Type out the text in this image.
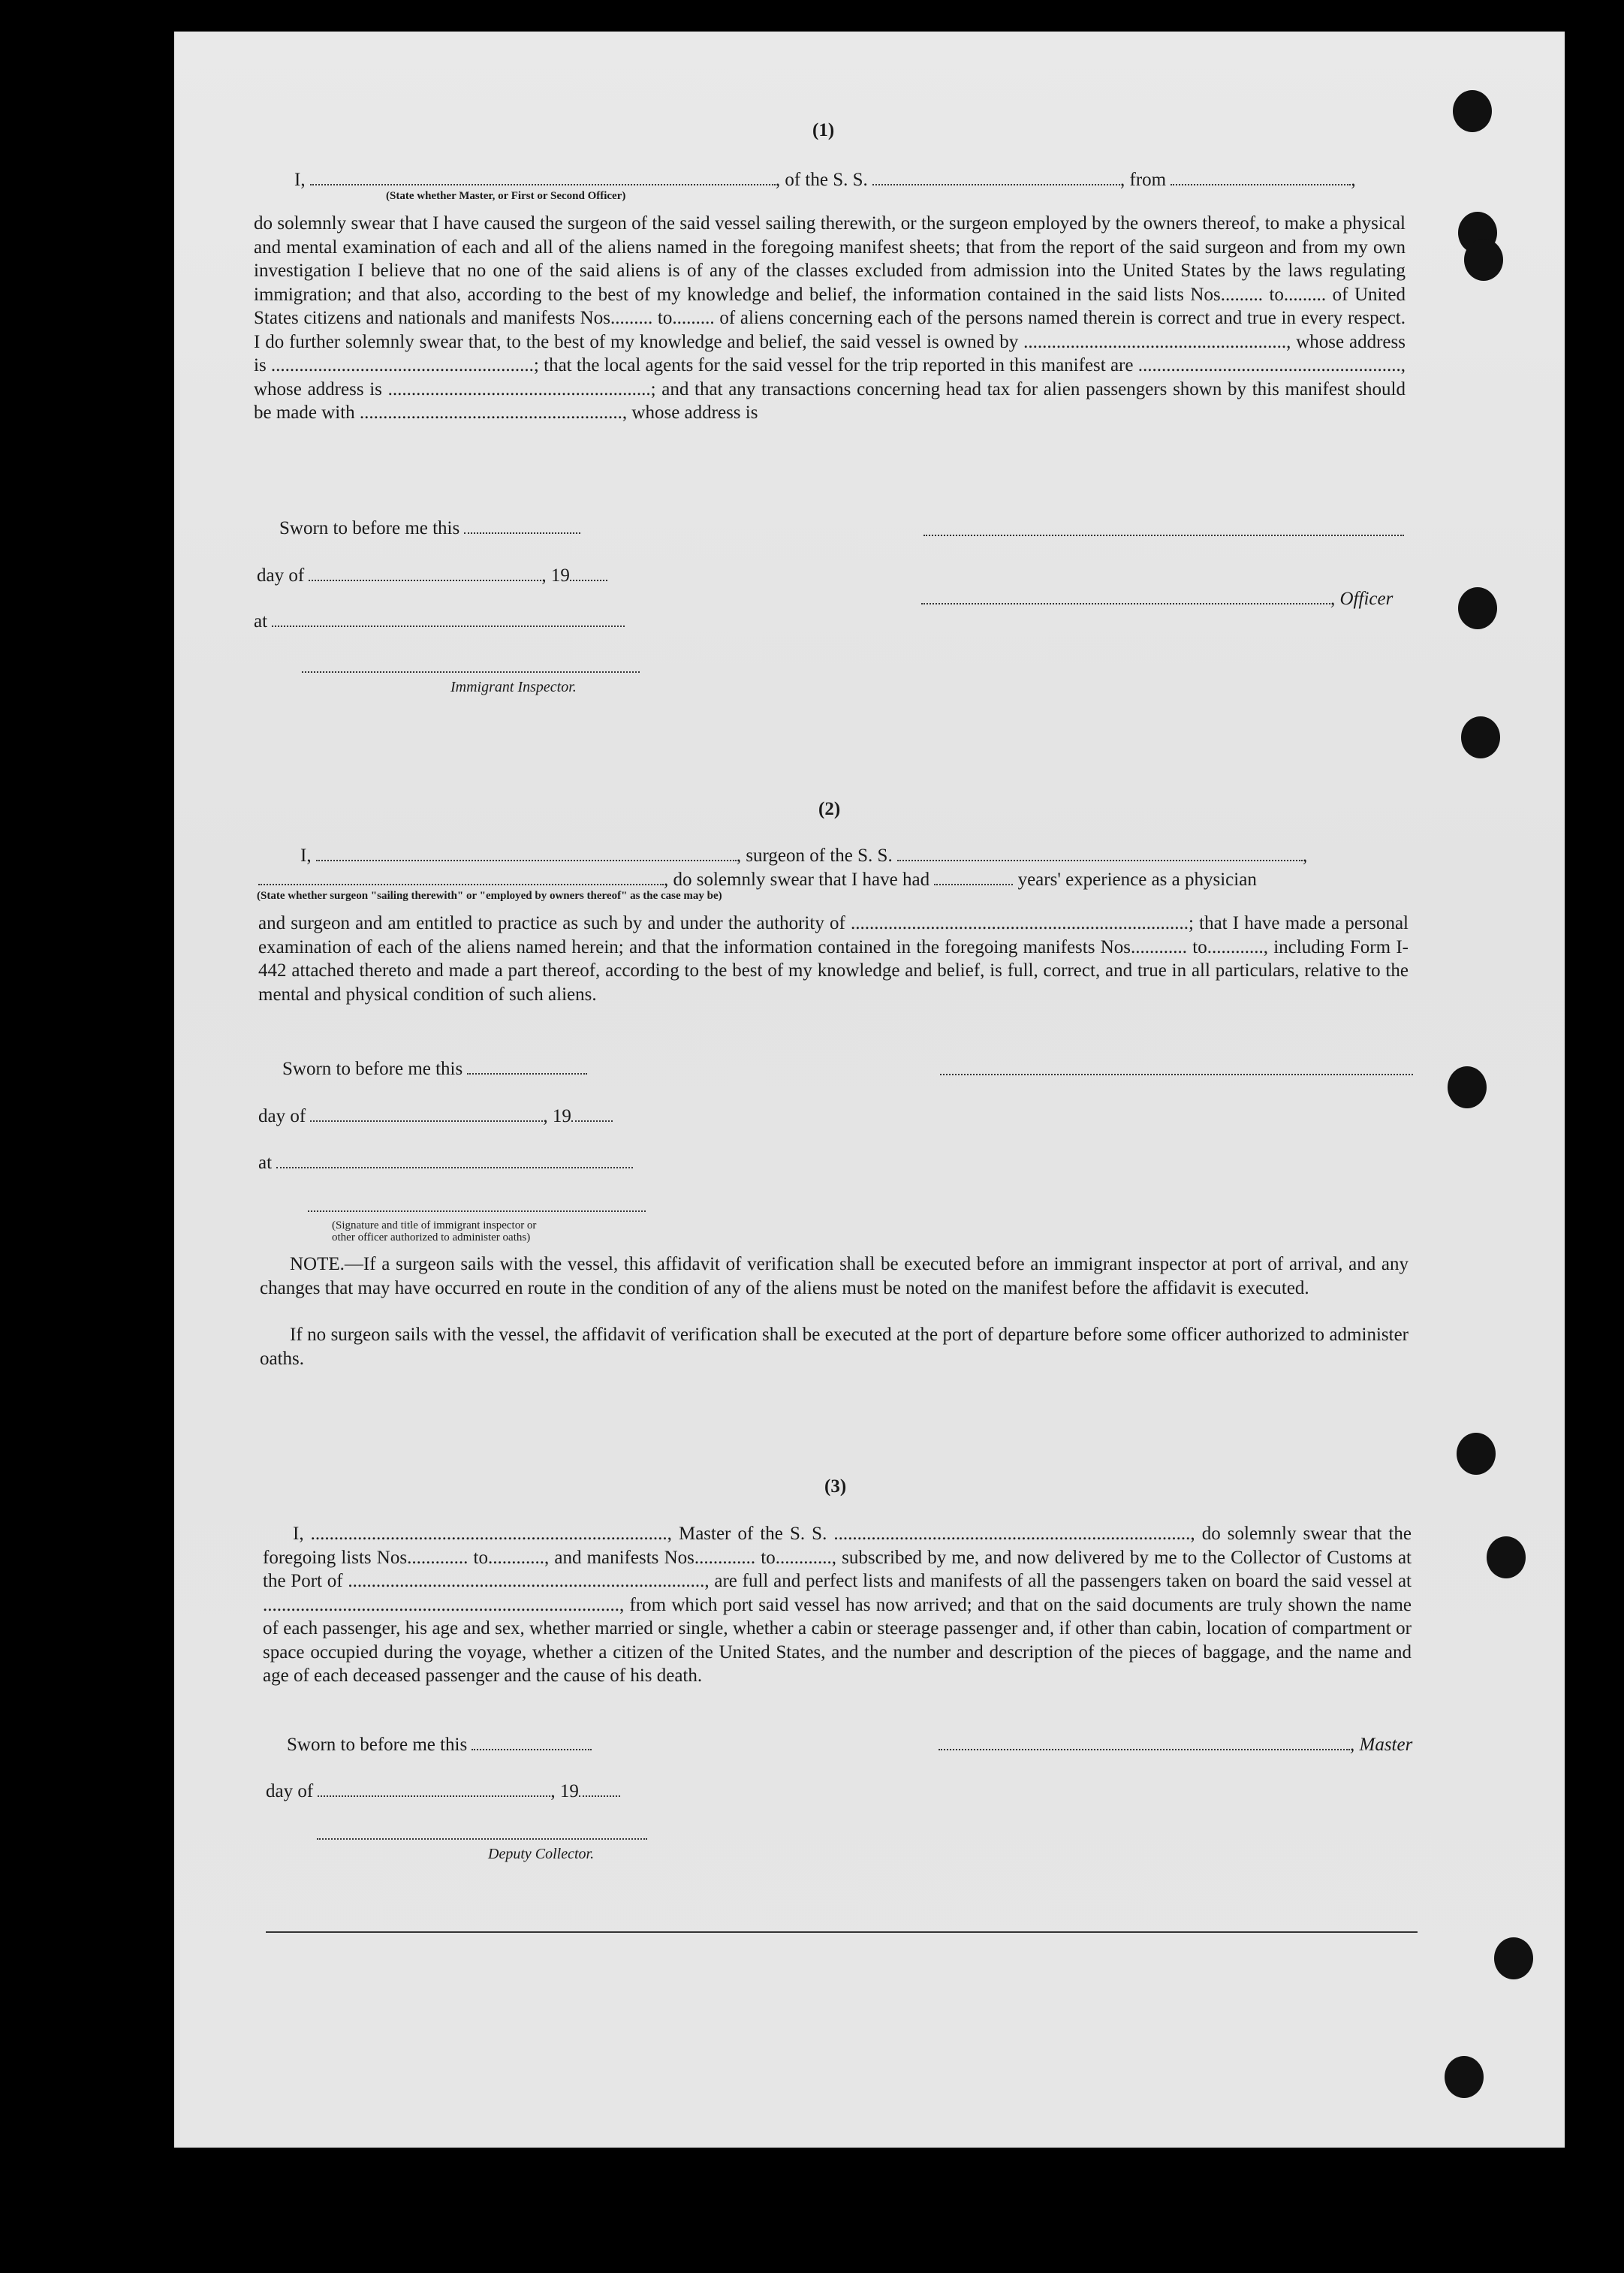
(1)
I,	, of the S. S.	, from	,
(State whether Master, or First or Second Officer)
do solemnly swear that I have caused the surgeon of the said vessel sailing therewith, or the surgeon employed by the owners thereof, to make a physical and mental examination of each and all of the aliens named in the foregoing manifest sheets; that from the report of the said surgeon and from my own investigation I believe that no one of the said aliens is of any of the classes excluded from admission into the United States by the laws regulating immigration; and that also, according to the best of my knowledge and belief, the information contained in the said lists Nos......... to......... of United States citizens and nationals and manifests Nos......... to......... of aliens concerning each of the persons named therein is correct and true in every respect. I do further solemnly swear that, to the best of my knowledge and belief, the said vessel is owned by ........................................................, whose address is ........................................................; that the local agents for the said vessel for the trip reported in this manifest are ........................................................, whose address is ........................................................; and that any transactions concerning head tax for alien passengers shown by this manifest should be made with ........................................................, whose address is
Sworn to before me this
day of	, 19
, Officer
at
Immigrant Inspector.
(2)
I,	, surgeon of the S. S.	,
, do solemnly swear that I have had	years' experience as a physician
(State whether surgeon "sailing therewith" or "employed by owners thereof" as the case may be)
and surgeon and am entitled to practice as such by and under the authority of ........................................................................; that I have made a personal examination of each of the aliens named herein; and that the information contained in the foregoing manifests Nos............ to............, including Form I-442 attached thereto and made a part thereof, according to the best of my knowledge and belief, is full, correct, and true in all particulars, relative to the mental and physical condition of such aliens.
Sworn to before me this
day of	, 19
at
(Signature and title of immigrant inspector or
other officer authorized to administer oaths)
NOTE.—If a surgeon sails with the vessel, this affidavit of verification shall be executed before an immigrant inspector at port of arrival, and any changes that may have occurred en route in the condition of any of the aliens must be noted on the manifest before the affidavit is executed.
If no surgeon sails with the vessel, the affidavit of verification shall be executed at the port of departure before some officer authorized to administer oaths.
(3)
I, ............................................................................, Master of the S. S. ............................................................................, do solemnly swear that the foregoing lists Nos............. to............, and manifests Nos............. to............, subscribed by me, and now delivered by me to the Collector of Customs at the Port of ............................................................................, are full and perfect lists and manifests of all the passengers taken on board the said vessel at ............................................................................, from which port said vessel has now arrived; and that on the said documents are truly shown the name of each passenger, his age and sex, whether married or single, whether a cabin or steerage passenger and, if other than cabin, location of compartment or space occupied during the voyage, whether a citizen of the United States, and the number and description of the pieces of baggage, and the name and age of each deceased passenger and the cause of his death.
Sworn to before me this	, Master
day of	, 19
Deputy Collector.
